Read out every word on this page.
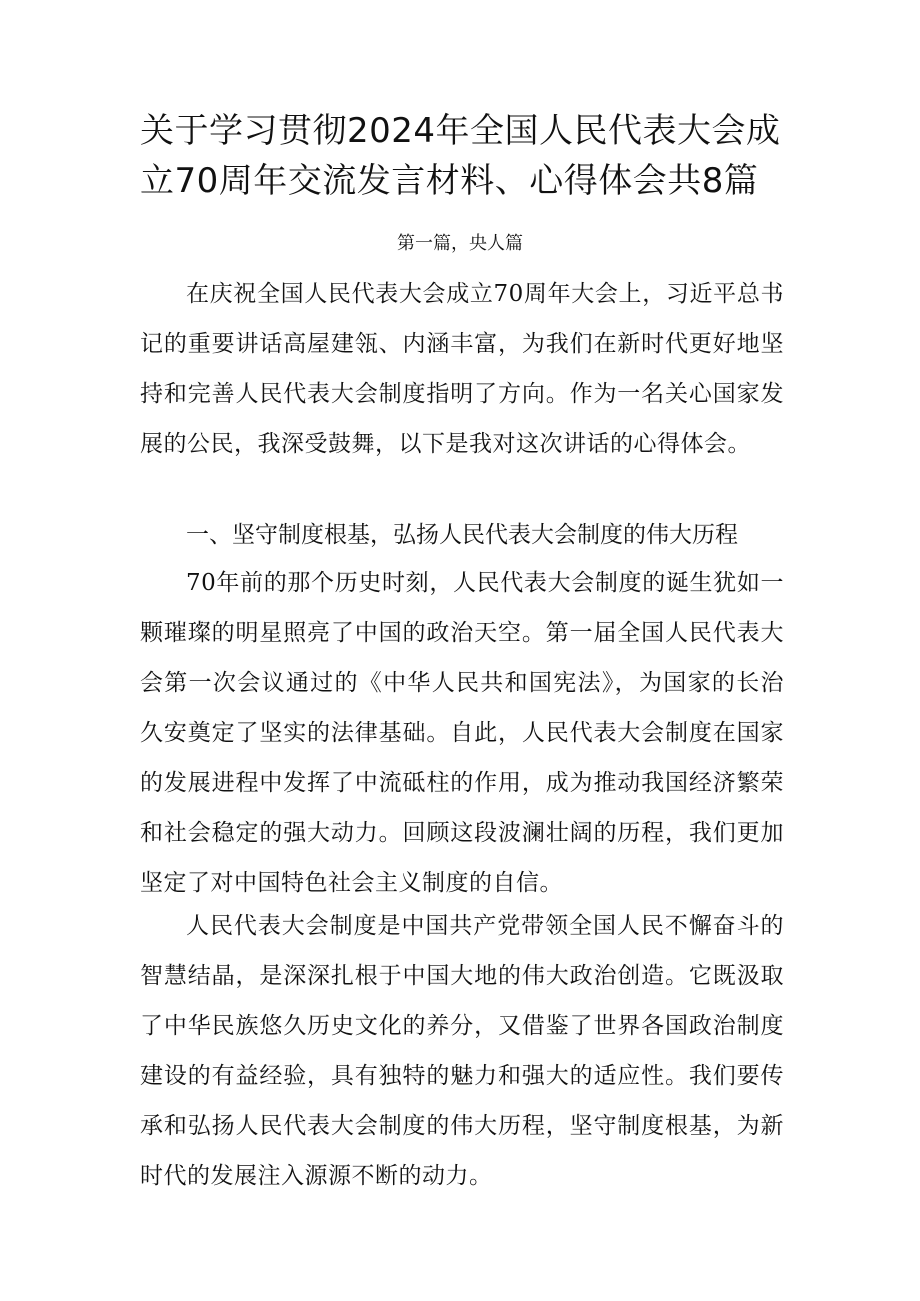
关于学习贯彻2024年全国人民代表大会成立70周年交流发言材料、心得体会共8篇
第一篇，央人篇

在庆祝全国人民代表大会成立70周年大会上，习近平总书记的重要讲话高屋建瓴、内涵丰富，为我们在新时代更好地坚持和完善人民代表大会制度指明了方向。作为一名关心国家发展的公民，我深受鼓舞，以下是我对这次讲话的心得体会。

一、坚守制度根基，弘扬人民代表大会制度的伟大历程

70年前的那个历史时刻，人民代表大会制度的诞生犹如一颗璀璨的明星照亮了中国的政治天空。第一届全国人民代表大会第一次会议通过的《中华人民共和国宪法》，为国家的长治久安奠定了坚实的法律基础。自此，人民代表大会制度在国家的发展进程中发挥了中流砥柱的作用，成为推动我国经济繁荣和社会稳定的强大动力。回顾这段波澜壮阔的历程，我们更加坚定了对中国特色社会主义制度的自信。

人民代表大会制度是中国共产党带领全国人民不懈奋斗的智慧结晶，是深深扎根于中国大地的伟大政治创造。它既汲取了中华民族悠久历史文化的养分，又借鉴了世界各国政治制度建设的有益经验，具有独特的魅力和强大的适应性。我们要传承和弘扬人民代表大会制度的伟大历程，坚守制度根基，为新时代的发展注入源源不断的动力。
